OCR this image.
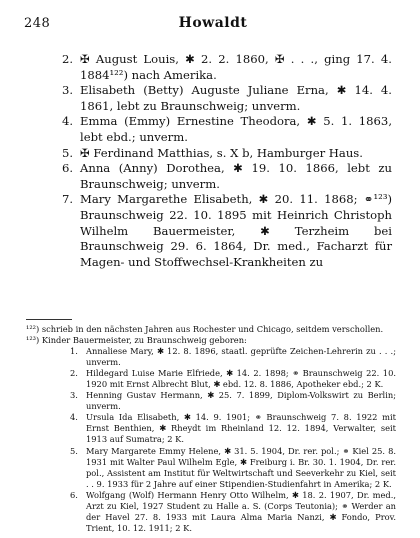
248	Howaldt
2. ✠ August Louis, ✱ 2. 2. 1860, ✠ . . ., ging 17. 4. 1884¹²²) nach Amerika.
3. Elisabeth (Betty) Auguste Juliane Erna, ✱ 14. 4. 1861, lebt zu Braunschweig; unverm.
4. Emma (Emmy) Ernestine Theodora, ✱ 5. 1. 1863, lebt ebd.; unverm.
5. ✠ Ferdinand Matthias, s. X b, Hamburger Haus.
6. Anna (Anny) Dorothea, ✱ 19. 10. 1866, lebt zu Braunschweig; unverm.
7. Mary Margarethe Elisabeth, ✱ 20. 11. 1868; ⚭¹²³) Braunschweig 22. 10. 1895 mit Heinrich Christoph Wilhelm Bauermeister, ✱ Terzheim bei Braunschweig 29. 6. 1864, Dr. med., Facharzt für Magen- und Stoffwechsel-Krankheiten zu

¹²²) schrieb in den nächsten Jahren aus Rochester und Chicago, seitdem verschollen.

¹²³) Kinder Bauermeister, zu Braunschweig geboren:

1. Annaliese Mary, ✱ 12. 8. 1896, staatl. geprüfte Zeichen-Lehrerin zu . . .; unverm.
2. Hildegard Luise Marie Elfriede, ✱ 14. 2. 1898; ⚭ Braunschweig 22. 10. 1920 mit Ernst Albrecht Blut, ✱ ebd. 12. 8. 1886, Apotheker ebd.; 2 K.
3. Henning Gustav Hermann, ✱ 25. 7. 1899, Diplom-Volkswirt zu Berlin; unverm.
4. Ursula Ida Elisabeth, ✱ 14. 9. 1901; ⚭ Braunschweig 7. 8. 1922 mit Ernst Benthien, ✱ Rheydt im Rheinland 12. 12. 1894, Verwalter, seit 1913 auf Sumatra; 2 K.
5. Mary Margarete Emmy Helene, ✱ 31. 5. 1904, Dr. rer. pol.; ⚭ Kiel 25. 8. 1931 mit Walter Paul Wilhelm Egle, ✱ Freiburg i. Br. 30. 1. 1904, Dr. rer. pol., Assistent am Institut für Weltwirtschaft und Seeverkehr zu Kiel, seit . . 9. 1933 für 2 Jahre auf einer Stipendien-Studienfahrt in Amerika; 2 K.
6. Wolfgang (Wolf) Hermann Henry Otto Wilhelm, ✱ 18. 2. 1907, Dr. med., Arzt zu Kiel, 1927 Student zu Halle a. S. (Corps Teutonia); ⚭ Werder an der Havel 27. 8. 1933 mit Laura Alma Maria Nanzi, ✱ Fondo, Prov. Trient, 10. 12. 1911; 2 K.
